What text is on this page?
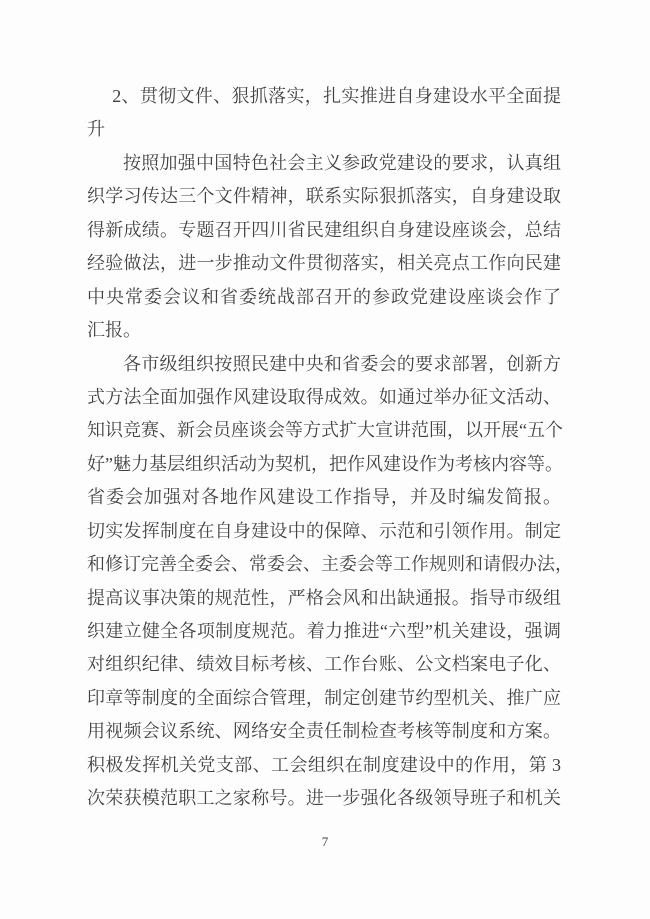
2、贯彻文件、狠抓落实，扎实推进自身建设水平全面提
升
按照加强中国特色社会主义参政党建设的要求，认真组
织学习传达三个文件精神，联系实际狠抓落实，自身建设取
得新成绩。专题召开四川省民建组织自身建设座谈会，总结
经验做法，进一步推动文件贯彻落实，相关亮点工作向民建
中央常委会议和省委统战部召开的参政党建设座谈会作了
汇报。
各市级组织按照民建中央和省委会的要求部署，创新方
式方法全面加强作风建设取得成效。如通过举办征文活动、
知识竞赛、新会员座谈会等方式扩大宣讲范围，以开展“五个
好”魅力基层组织活动为契机，把作风建设作为考核内容等。
省委会加强对各地作风建设工作指导，并及时编发简报。
切实发挥制度在自身建设中的保障、示范和引领作用。制定
和修订完善全委会、常委会、主委会等工作规则和请假办法，
提高议事决策的规范性，严格会风和出缺通报。指导市级组
织建立健全各项制度规范。着力推进“六型”机关建设，强调
对组织纪律、绩效目标考核、工作台账、公文档案电子化、
印章等制度的全面综合管理，制定创建节约型机关、推广应
用视频会议系统、网络安全责任制检查考核等制度和方案。
积极发挥机关党支部、工会组织在制度建设中的作用，第 3
次荣获模范职工之家称号。进一步强化各级领导班子和机关
7
